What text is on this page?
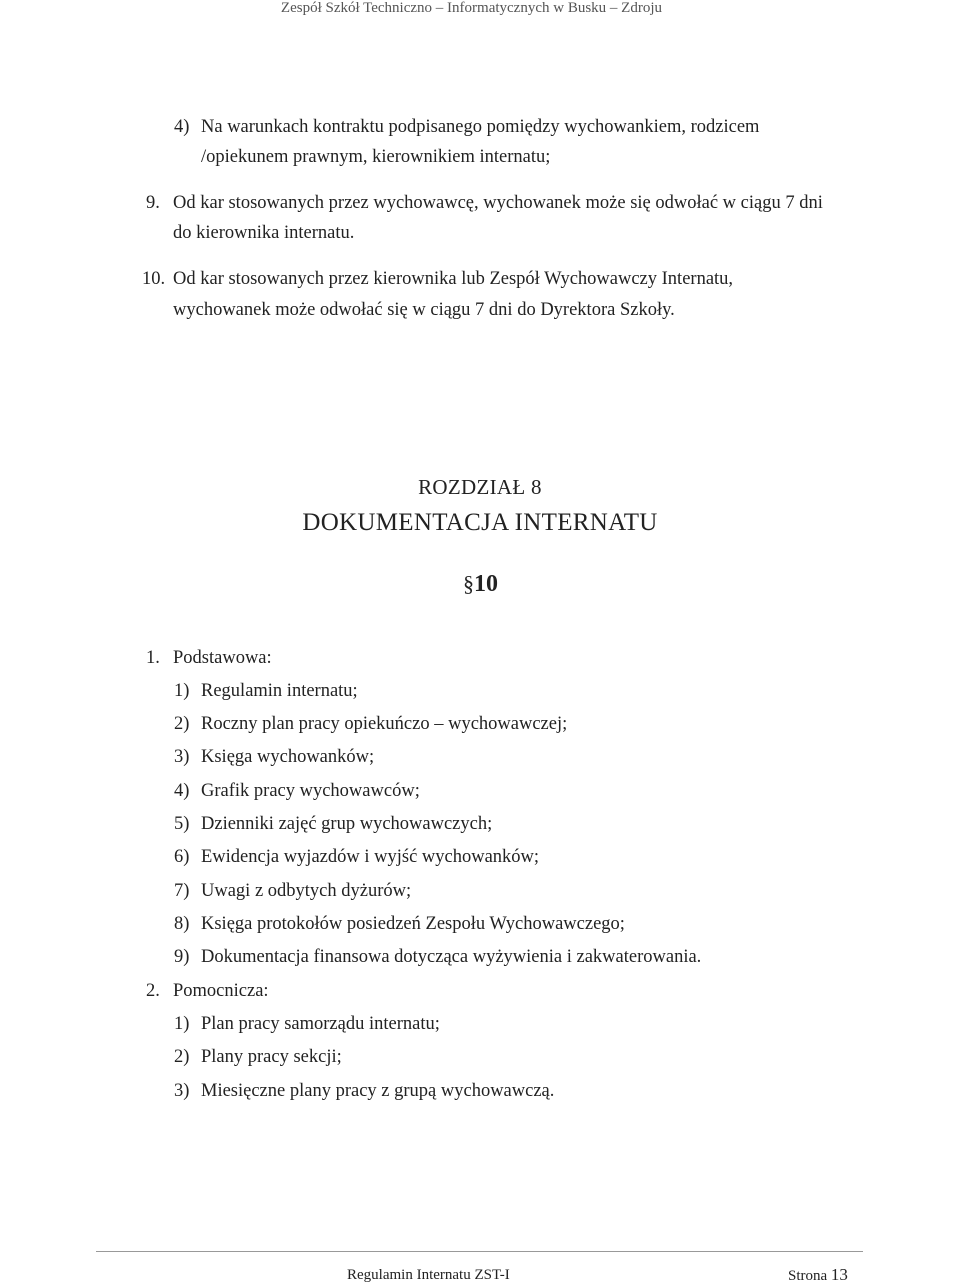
Zespół Szkół Techniczno – Informatycznych w Busku – Zdroju
4) Na warunkach kontraktu podpisanego pomiędzy wychowankiem, rodzicem
/opiekunem prawnym, kierownikiem internatu;
9. Od kar stosowanych przez wychowawcę, wychowanek może się odwołać w ciągu 7 dni
do kierownika internatu.
10. Od kar stosowanych przez kierownika lub Zespół Wychowawczy Internatu,
wychowanek może odwołać się w ciągu 7 dni do Dyrektora Szkoły.
ROZDZIAŁ 8
DOKUMENTACJA INTERNATU
§10
1. Podstawowa:
1) Regulamin internatu;
2) Roczny plan pracy opiekuńczo – wychowawczej;
3) Księga wychowanków;
4) Grafik pracy wychowawców;
5) Dzienniki zajęć grup wychowawczych;
6) Ewidencja wyjazdów i wyjść wychowanków;
7) Uwagi z odbytych dyżurów;
8) Księga protokołów posiedzeń Zespołu Wychowawczego;
9) Dokumentacja finansowa dotycząca wyżywienia i zakwaterowania.
2. Pomocnicza:
1) Plan pracy samorządu internatu;
2) Plany pracy sekcji;
3) Miesięczne plany pracy z grupą wychowawczą.
Regulamin Internatu ZST-I	Strona 13
